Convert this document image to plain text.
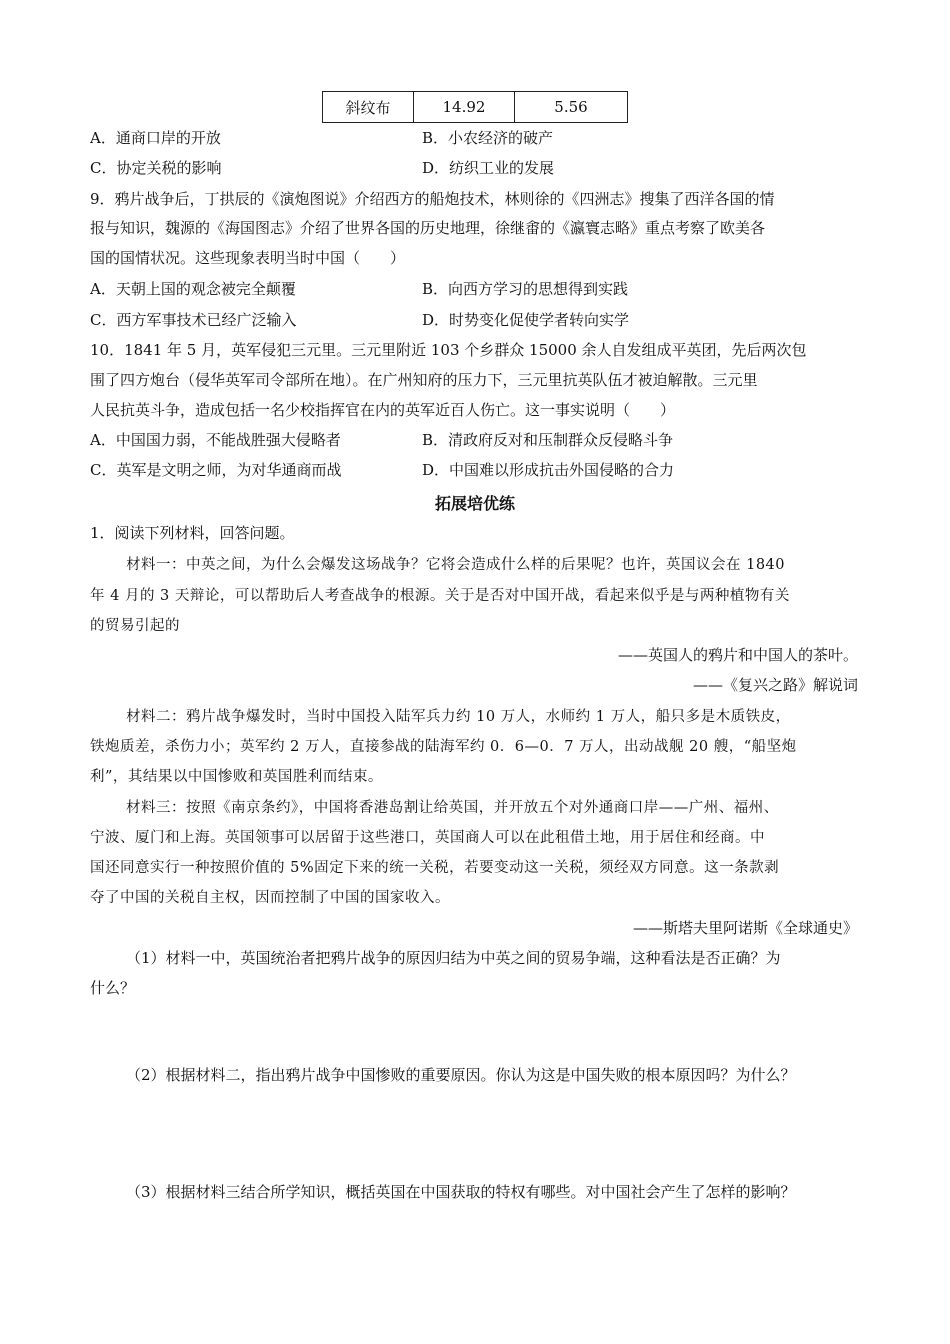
斜纹布	14.92	5.56
A．通商口岸的开放	B．小农经济的破产
C．协定关税的影响	D．纺织工业的发展
9．鸦片战争后，丁拱辰的《演炮图说》介绍西方的船炮技术，林则徐的《四洲志》搜集了西洋各国的情
报与知识，魏源的《海国图志》介绍了世界各国的历史地理，徐继畬的《瀛寰志略》重点考察了欧美各
国的国情状况。这些现象表明当时中国（　　）
A．天朝上国的观念被完全颠覆	B．向西方学习的思想得到实践
C．西方军事技术已经广泛输入	D．时势变化促使学者转向实学
10．1841 年 5 月，英军侵犯三元里。三元里附近 103 个乡群众 15000 余人自发组成平英团，先后两次包
围了四方炮台（侵华英军司令部所在地）。在广州知府的压力下，三元里抗英队伍才被迫解散。三元里
人民抗英斗争，造成包括一名少校指挥官在内的英军近百人伤亡。这一事实说明（　　）
A．中国国力弱，不能战胜强大侵略者	B．清政府反对和压制群众反侵略斗争
C．英军是文明之师，为对华通商而战	D．中国难以形成抗击外国侵略的合力
拓展培优练
1．阅读下列材料，回答问题。
材料一：中英之间，为什么会爆发这场战争？它将会造成什么样的后果呢？也许，英国议会在 1840
年 4 月的 3 天辩论，可以帮助后人考查战争的根源。关于是否对中国开战，看起来似乎是与两种植物有关
的贸易引起的
——英国人的鸦片和中国人的茶叶。
——《复兴之路》解说词
材料二：鸦片战争爆发时，当时中国投入陆军兵力约 10 万人，水师约 1 万人，船只多是木质铁皮，
铁炮质差，杀伤力小；英军约 2 万人，直接参战的陆海军约 0．6—0．7 万人，出动战舰 20 艘，“船坚炮
利”，其结果以中国惨败和英国胜利而结束。
材料三：按照《南京条约》，中国将香港岛割让给英国，并开放五个对外通商口岸——广州、福州、
宁波、厦门和上海。英国领事可以居留于这些港口，英国商人可以在此租借土地，用于居住和经商。中
国还同意实行一种按照价值的 5%固定下来的统一关税，若要变动这一关税，须经双方同意。这一条款剥
夺了中国的关税自主权，因而控制了中国的国家收入。
——斯塔夫里阿诺斯《全球通史》
（1）材料一中，英国统治者把鸦片战争的原因归结为中英之间的贸易争端，这种看法是否正确？为
什么？
（2）根据材料二，指出鸦片战争中国惨败的重要原因。你认为这是中国失败的根本原因吗？为什么？
（3）根据材料三结合所学知识，概括英国在中国获取的特权有哪些。对中国社会产生了怎样的影响？
